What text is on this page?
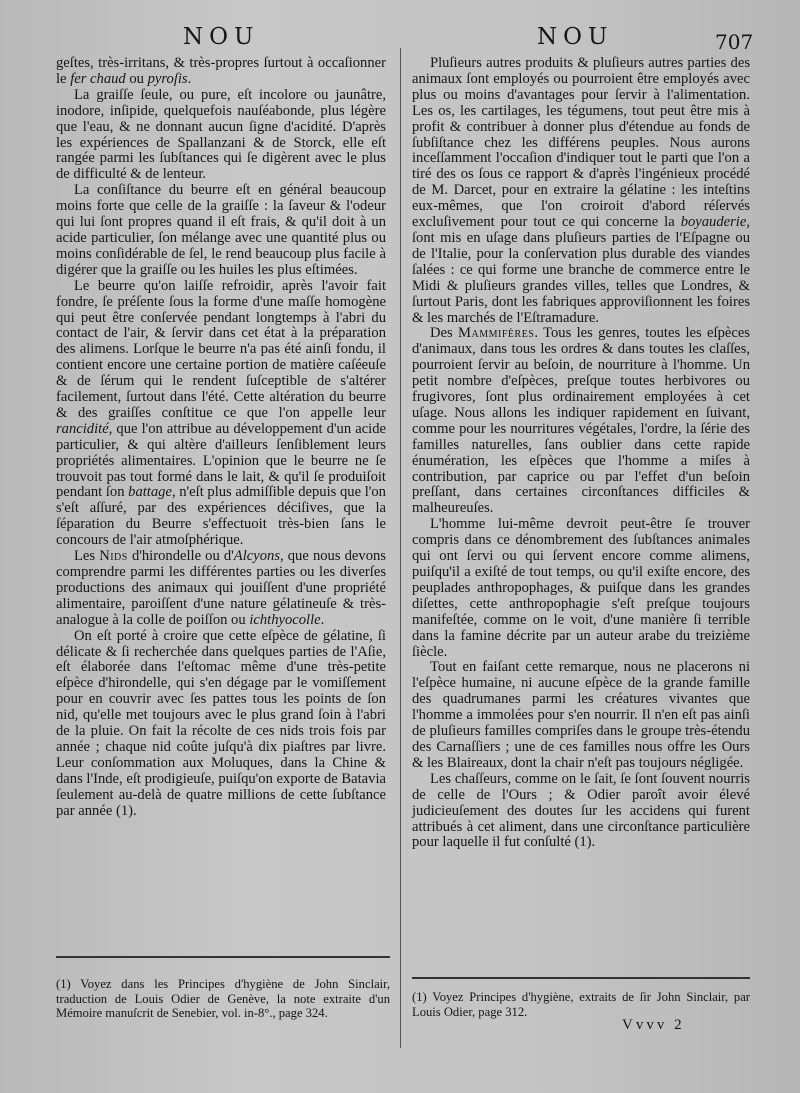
NOU	NOU	707

geſtes, très-irritans, & très-propres ſurtout à occaſionner le fer chaud ou pyroſis.

La graiſſe ſeule, ou pure, eſt incolore ou jaunâtre, inodore, inſipide, quelquefois nauſéabonde, plus légère que l'eau, & ne donnant aucun ſigne d'acidité. D'après les expériences de Spallanzani & de Storck, elle eſt rangée parmi les ſubſtances qui ſe digèrent avec le plus de difficulté & de lenteur.

La conſiſtance du beurre eſt en général beaucoup moins forte que celle de la graiſſe : la ſaveur & l'odeur qui lui ſont propres quand il eſt frais, & qu'il doit à un acide particulier, ſon mélange avec une quantité plus ou moins conſidérable de ſel, le rend beaucoup plus facile à digérer que la graiſſe ou les huiles les plus eſtimées.

Le beurre qu'on laiſſe refroidir, après l'avoir fait fondre, ſe préſente ſous la forme d'une maſſe homogène qui peut être conſervée pendant longtemps à l'abri du contact de l'air, & ſervir dans cet état à la préparation des alimens. Lorſque le beurre n'a pas été ainſi fondu, il contient encore une certaine portion de matière caſéeuſe & de ſérum qui le rendent ſuſceptible de s'altérer facilement, ſurtout dans l'été. Cette altération du beurre & des graiſſes conſtitue ce que l'on appelle leur rancidité, que l'on attribue au développement d'un acide particulier, & qui altère d'ailleurs ſenſiblement leurs propriétés alimentaires. L'opinion que le beurre ne ſe trouvoit pas tout formé dans le lait, & qu'il ſe produiſoit pendant ſon battage, n'eſt plus admiſſible depuis que l'on s'eſt aſſuré, par des expériences déciſives, que la ſéparation du Beurre s'effectuoit très-bien ſans le concours de l'air atmoſphérique.

Les Nids d'hirondelle ou d'Alcyons, que nous devons comprendre parmi les différentes parties ou les diverſes productions des animaux qui jouiſſent d'une propriété alimentaire, paroiſſent d'une nature gélatineuſe & très-analogue à la colle de poiſſon ou ichthyocolle.

On eſt porté à croire que cette eſpèce de gélatine, ſi délicate & ſi recherchée dans quelques parties de l'Aſie, eſt élaborée dans l'eſtomac même d'une très-petite eſpèce d'hirondelle, qui s'en dégage par le vomiſſement pour en couvrir avec ſes pattes tous les points de ſon nid, qu'elle met toujours avec le plus grand ſoin à l'abri de la pluie. On fait la récolte de ces nids trois fois par année ; chaque nid coûte juſqu'à dix piaſtres par livre. Leur conſommation aux Moluques, dans la Chine & dans l'Inde, eſt prodigieuſe, puiſqu'on exporte de Batavia ſeulement au-delà de quatre millions de cette ſubſtance par année (1).

Pluſieurs autres produits & pluſieurs autres parties des animaux ſont employés ou pourroient être employés avec plus ou moins d'avantages pour ſervir à l'alimentation. Les os, les cartilages, les tégumens, tout peut être mis à profit & contribuer à donner plus d'étendue au fonds de ſubſiſtance chez les différens peuples. Nous aurons inceſſamment l'occaſion d'indiquer tout le parti que l'on a tiré des os ſous ce rapport & d'après l'ingénieux procédé de M. Darcet, pour en extraire la gélatine : les inteſtins eux-mêmes, que l'on croiroit d'abord réſervés excluſivement pour tout ce qui concerne la boyauderie, ſont mis en uſage dans pluſieurs parties de l'Eſpagne ou de l'Italie, pour la conſervation plus durable des viandes ſalées : ce qui forme une branche de commerce entre le Midi & pluſieurs grandes villes, telles que Londres, & ſurtout Paris, dont les fabriques approviſionnent les foires & les marchés de l'Eſtramadure.

Des Mammifères. Tous les genres, toutes les eſpèces d'animaux, dans tous les ordres & dans toutes les claſſes, pourroient ſervir au beſoin, de nourriture à l'homme. Un petit nombre d'eſpèces, preſque toutes herbivores ou frugivores, ſont plus ordinairement employées à cet uſage. Nous allons les indiquer rapidement en ſuivant, comme pour les nourritures végétales, l'ordre, la ſérie des familles naturelles, ſans oublier dans cette rapide énumération, les eſpèces que l'homme a miſes à contribution, par caprice ou par l'effet d'un beſoin preſſant, dans certaines circonſtances difficiles & malheureuſes.

L'homme lui-même devroit peut-être ſe trouver compris dans ce dénombrement des ſubſtances animales qui ont ſervi ou qui ſervent encore comme alimens, puiſqu'il a exiſté de tout temps, ou qu'il exiſte encore, des peuplades anthropophages, & puiſque dans les grandes diſettes, cette anthropophagie s'eſt preſque toujours manifeſtée, comme on le voit, d'une manière ſi terrible dans la famine décrite par un auteur arabe du treizième ſiècle.

Tout en faiſant cette remarque, nous ne placerons ni l'eſpèce humaine, ni aucune eſpèce de la grande famille des quadrumanes parmi les créatures vivantes que l'homme a immolées pour s'en nourrir. Il n'en eſt pas ainſi de pluſieurs familles compriſes dans le groupe très-étendu des Carnaſſiers ; une de ces familles nous offre les Ours & les Blaireaux, dont la chair n'eſt pas toujours négligée.

Les chaſſeurs, comme on le ſait, ſe ſont ſouvent nourris de celle de l'Ours ; & Odier paroît avoir élevé judicieuſement des doutes ſur les accidens qui furent attribués à cet aliment, dans une circonſtance particulière pour laquelle il fut conſulté (1).

(1) Voyez dans les Principes d'hygiène de John Sinclair, traduction de Louis Odier de Genève, la note extraite d'un Mémoire manuſcrit de Senebier, vol. in-8°., page 324.
(1) Voyez Principes d'hygiène, extraits de ſir John Sinclair, par Louis Odier, page 312.
Vvvv 2
